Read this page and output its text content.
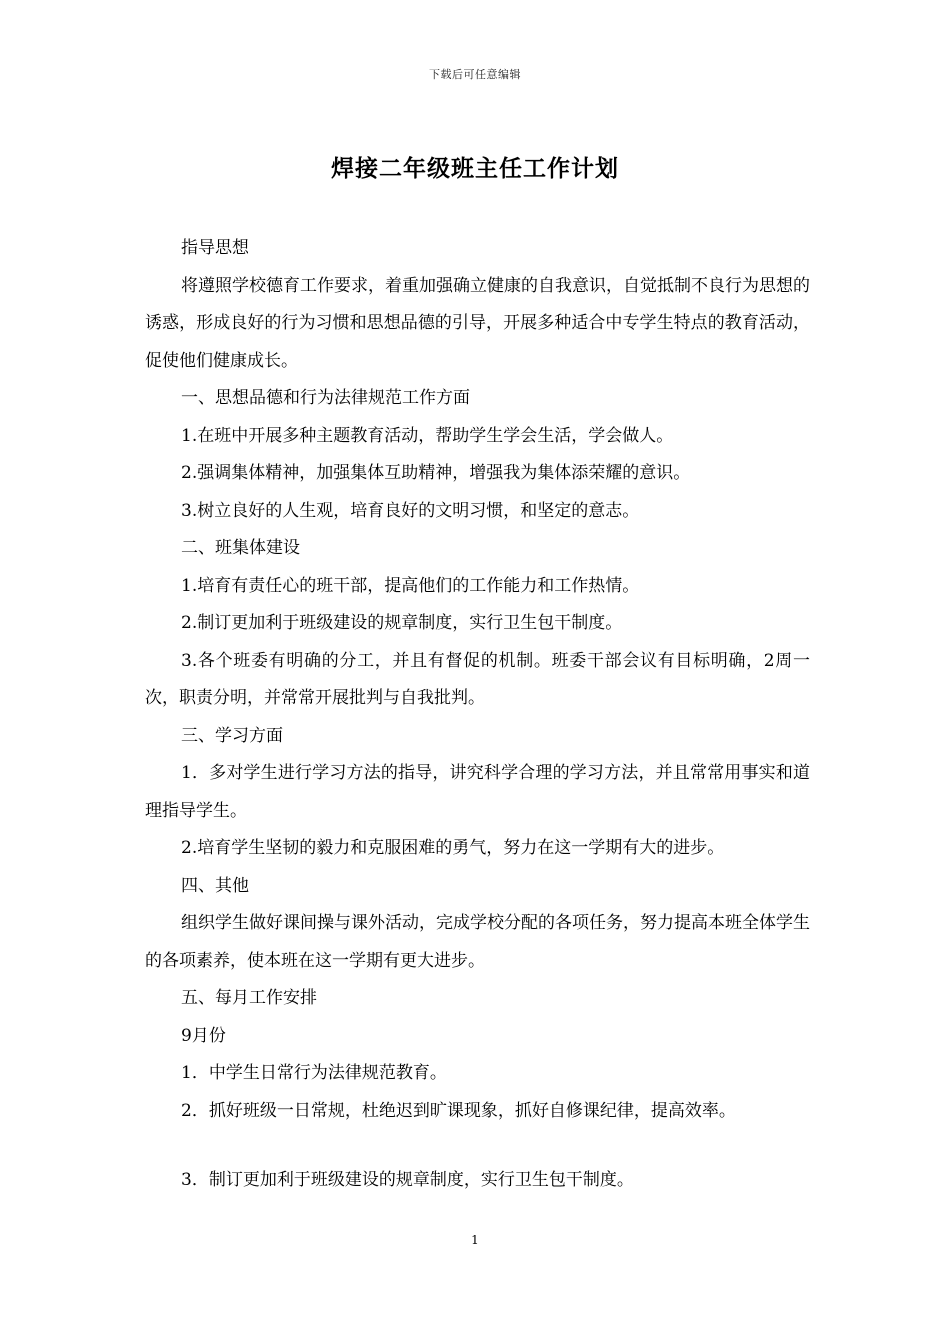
下载后可任意编辑
焊接二年级班主任工作计划

指导思想

将遵照学校德育工作要求，着重加强确立健康的自我意识，自觉抵制不良行为思想的诱惑，形成良好的行为习惯和思想品德的引导，开展多种适合中专学生特点的教育活动，促使他们健康成长。

一、思想品德和行为法律规范工作方面

1.在班中开展多种主题教育活动，帮助学生学会生活，学会做人。

2.强调集体精神，加强集体互助精神，增强我为集体添荣耀的意识。

3.树立良好的人生观，培育良好的文明习惯，和坚定的意志。

二、班集体建设

1.培育有责任心的班干部，提高他们的工作能力和工作热情。

2.制订更加利于班级建设的规章制度，实行卫生包干制度。

3.各个班委有明确的分工，并且有督促的机制。班委干部会议有目标明确，2周一次，职责分明，并常常开展批判与自我批判。

三、学习方面

1．多对学生进行学习方法的指导，讲究科学合理的学习方法，并且常常用事实和道理指导学生。

2.培育学生坚韧的毅力和克服困难的勇气，努力在这一学期有大的进步。

四、其他

组织学生做好课间操与课外活动，完成学校分配的各项任务，努力提高本班全体学生的各项素养，使本班在这一学期有更大进步。

五、每月工作安排

9月份

1．中学生日常行为法律规范教育。

2．抓好班级一日常规，杜绝迟到旷课现象，抓好自修课纪律，提高效率。

3．制订更加利于班级建设的规章制度，实行卫生包干制度。

1
